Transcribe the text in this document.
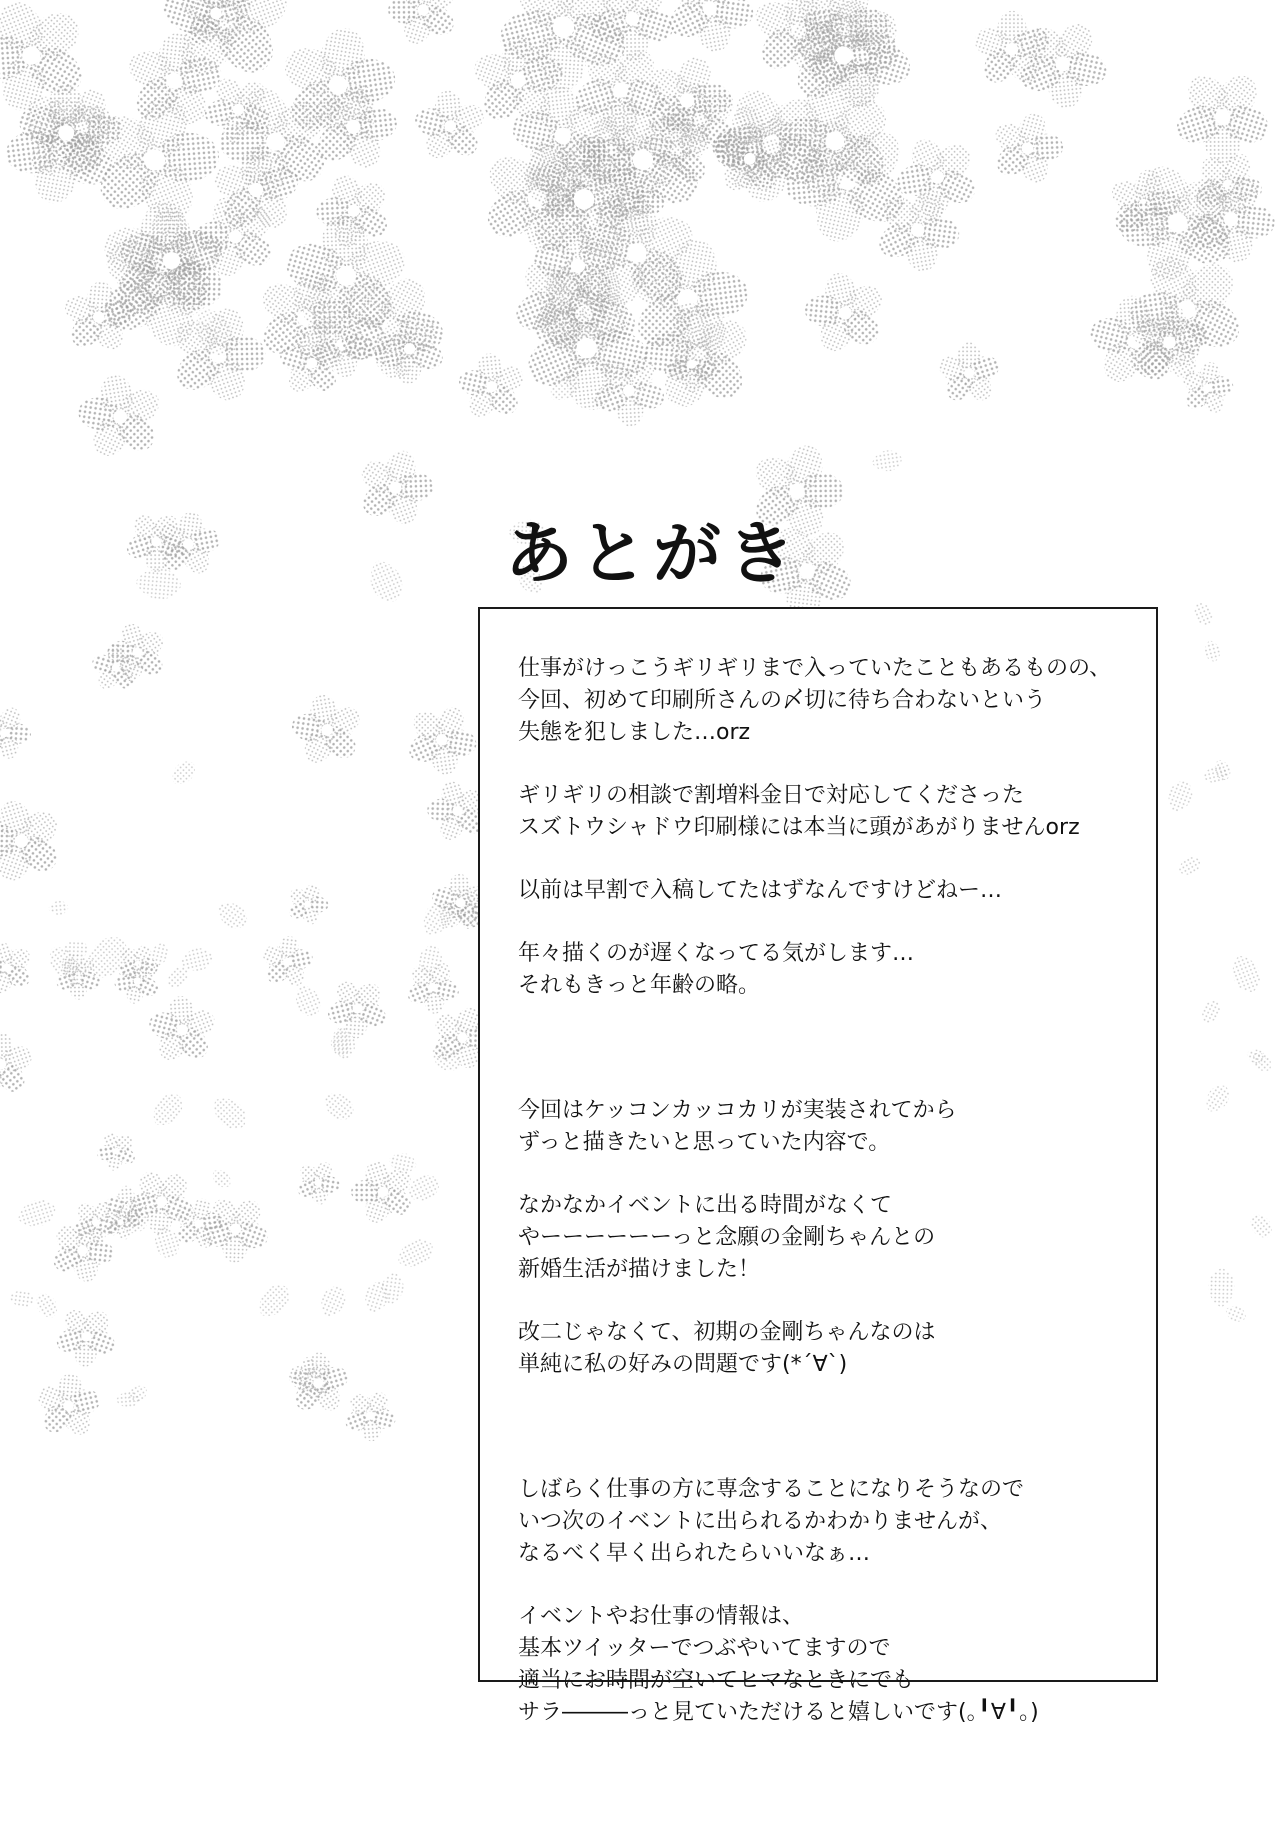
あとがき

仕事がけっこうギリギリまで入っていたこともあるものの、
今回、初めて印刷所さんの〆切に待ち合わないという
失態を犯しました…orz

ギリギリの相談で割増料金日で対応してくださった
スズトウシャドウ印刷様には本当に頭があがりませんorz

以前は早割で入稿してたはずなんですけどねー…

年々描くのが遅くなってる気がします…
それもきっと年齢の略。

今回はケッコンカッコカリが実装されてから
ずっと描きたいと思っていた内容で。

なかなかイベントに出る時間がなくて
やーーーーーーっと念願の金剛ちゃんとの
新婚生活が描けました！

改二じゃなくて、初期の金剛ちゃんなのは
単純に私の好みの問題です(*´∀`)

しばらく仕事の方に専念することになりそうなので
いつ次のイベントに出られるかわかりませんが、
なるべく早く出られたらいいなぁ…

イベントやお仕事の情報は、
基本ツイッターでつぶやいてますので
適当にお時間が空いてヒマなときにでも
サラ―――っと見ていただけると嬉しいです(｡╹∀╹｡)
